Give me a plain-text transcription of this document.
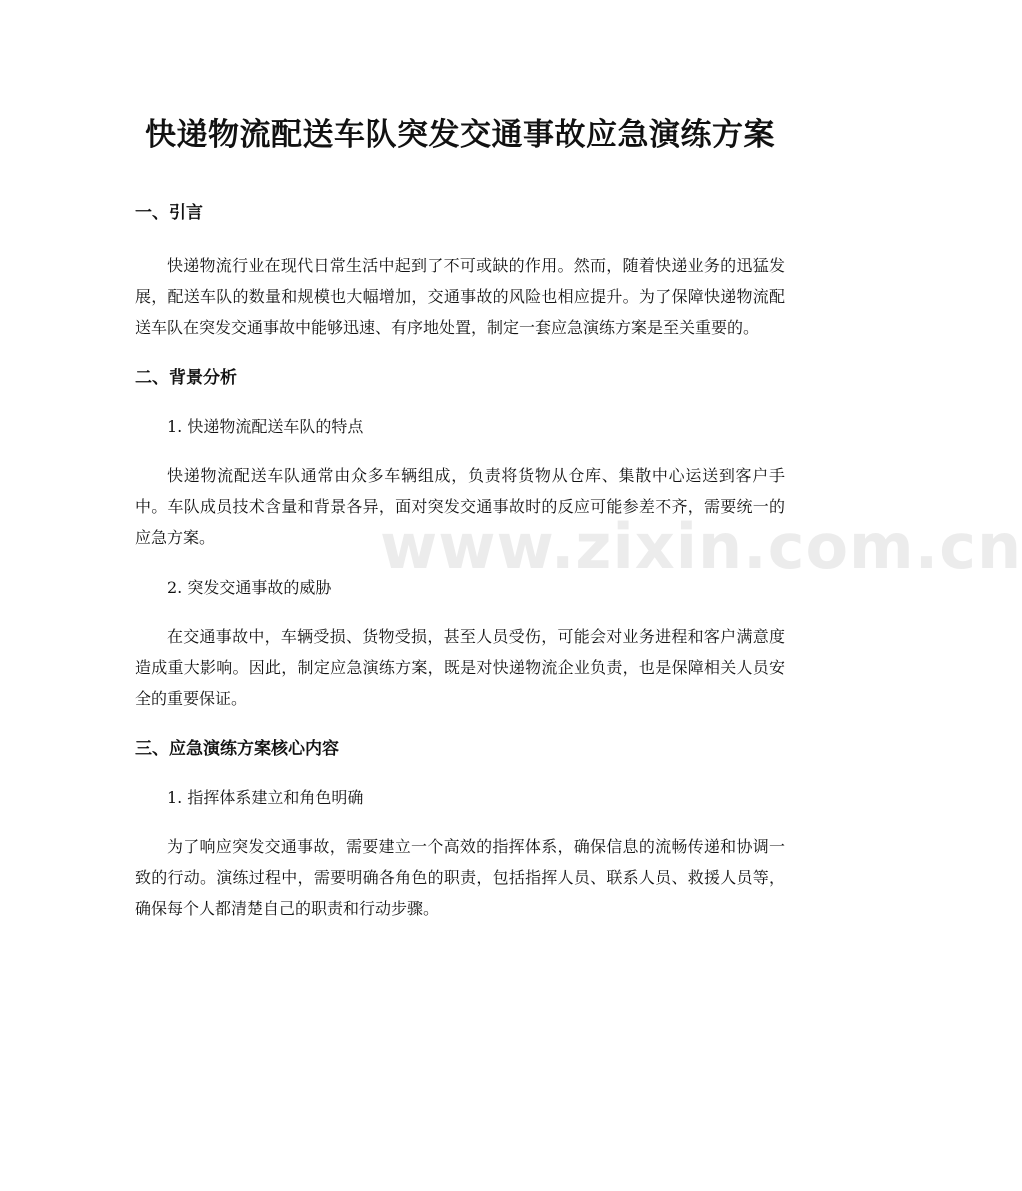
www.zixin.com.cn
快递物流配送车队突发交通事故应急演练方案
一、引言

快递物流行业在现代日常生活中起到了不可或缺的作用。然而，随着快递业务的迅猛发展，配送车队的数量和规模也大幅增加，交通事故的风险也相应提升。为了保障快递物流配送车队在突发交通事故中能够迅速、有序地处置，制定一套应急演练方案是至关重要的。

二、背景分析
1. 快递物流配送车队的特点

快递物流配送车队通常由众多车辆组成，负责将货物从仓库、集散中心运送到客户手中。车队成员技术含量和背景各异，面对突发交通事故时的反应可能参差不齐，需要统一的应急方案。

2. 突发交通事故的威胁

在交通事故中，车辆受损、货物受损，甚至人员受伤，可能会对业务进程和客户满意度造成重大影响。因此，制定应急演练方案，既是对快递物流企业负责，也是保障相关人员安全的重要保证。

三、应急演练方案核心内容
1. 指挥体系建立和角色明确

为了响应突发交通事故，需要建立一个高效的指挥体系，确保信息的流畅传递和协调一致的行动。演练过程中，需要明确各角色的职责，包括指挥人员、联系人员、救援人员等，确保每个人都清楚自己的职责和行动步骤。
